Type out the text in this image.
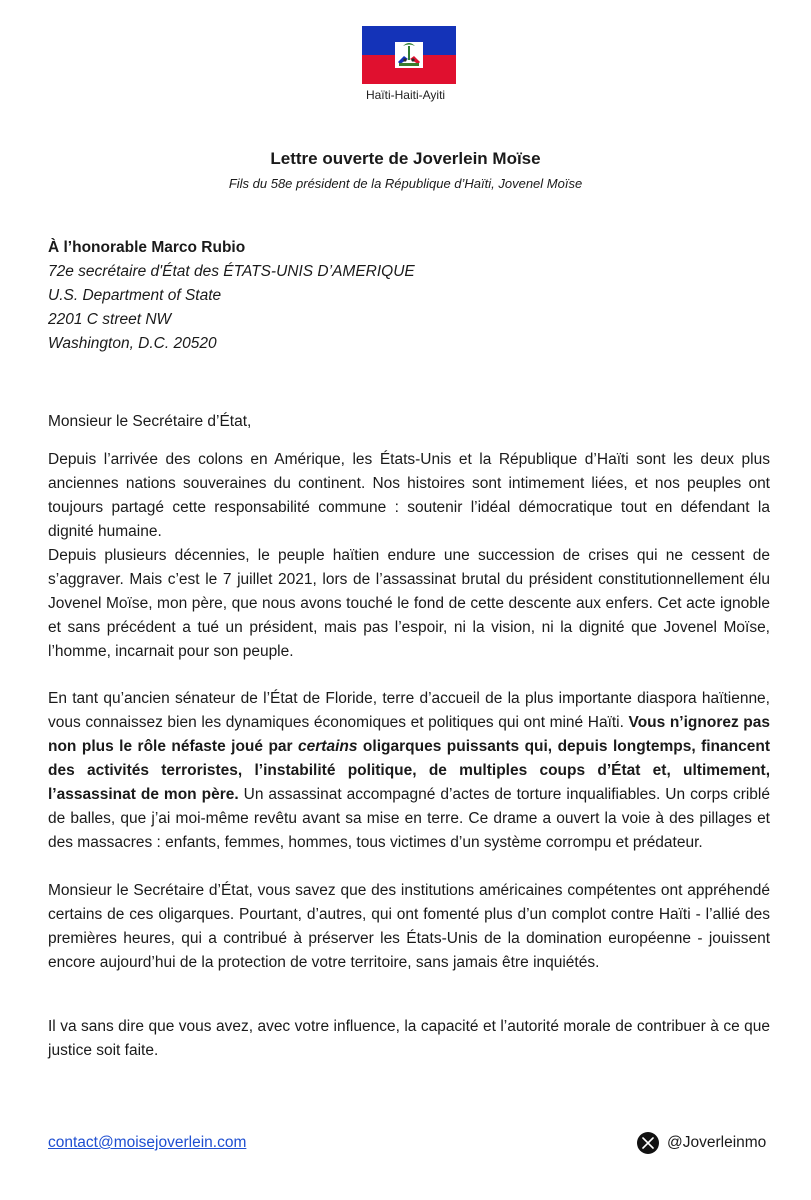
Haïti-Haiti-Ayiti
Lettre ouverte de Joverlein Moïse
Fils du 58e président de la République d’Haïti, Jovenel Moïse
À l’honorable Marco Rubio
72e secrétaire d'État des ÉTATS-UNIS D’AMERIQUE
U.S. Department of State
2201 C street NW
Washington, D.C. 20520
Monsieur le Secrétaire d’État,

Depuis l’arrivée des colons en Amérique, les États-Unis et la République d’Haïti sont les deux plus anciennes nations souveraines du continent. Nos histoires sont intimement liées, et nos peuples ont toujours partagé cette responsabilité commune : soutenir l’idéal démocratique tout en défendant la dignité humaine.

Depuis plusieurs décennies, le peuple haïtien endure une succession de crises qui ne cessent de s’aggraver. Mais c’est le 7 juillet 2021, lors de l’assassinat brutal du président constitutionnellement élu Jovenel Moïse, mon père, que nous avons touché le fond de cette descente aux enfers. Cet acte ignoble et sans précédent a tué un président, mais pas l’espoir, ni la vision, ni la dignité que Jovenel Moïse, l’homme, incarnait pour son peuple.

En tant qu’ancien sénateur de l’État de Floride, terre d’accueil de la plus importante diaspora haïtienne, vous connaissez bien les dynamiques économiques et politiques qui ont miné Haïti. Vous n’ignorez pas non plus le rôle néfaste joué par certains oligarques puissants qui, depuis longtemps, financent des activités terroristes, l’instabilité politique, de multiples coups d’État et, ultimement, l’assassinat de mon père. Un assassinat accompagné d’actes de torture inqualifiables. Un corps criblé de balles, que j’ai moi-même revêtu avant sa mise en terre. Ce drame a ouvert la voie à des pillages et des massacres : enfants, femmes, hommes, tous victimes d’un système corrompu et prédateur.

Monsieur le Secrétaire d’État, vous savez que des institutions américaines compétentes ont appréhendé certains de ces oligarques. Pourtant, d’autres, qui ont fomenté plus d’un complot contre Haïti - l’allié des premières heures, qui a contribué à préserver les États-Unis de la domination européenne - jouissent encore aujourd’hui de la protection de votre territoire, sans jamais être inquiétés.

Il va sans dire que vous avez, avec votre influence, la capacité et l’autorité morale de contribuer à ce que justice soit faite.

contact@moisejoverlein.com	@Joverleinmo
